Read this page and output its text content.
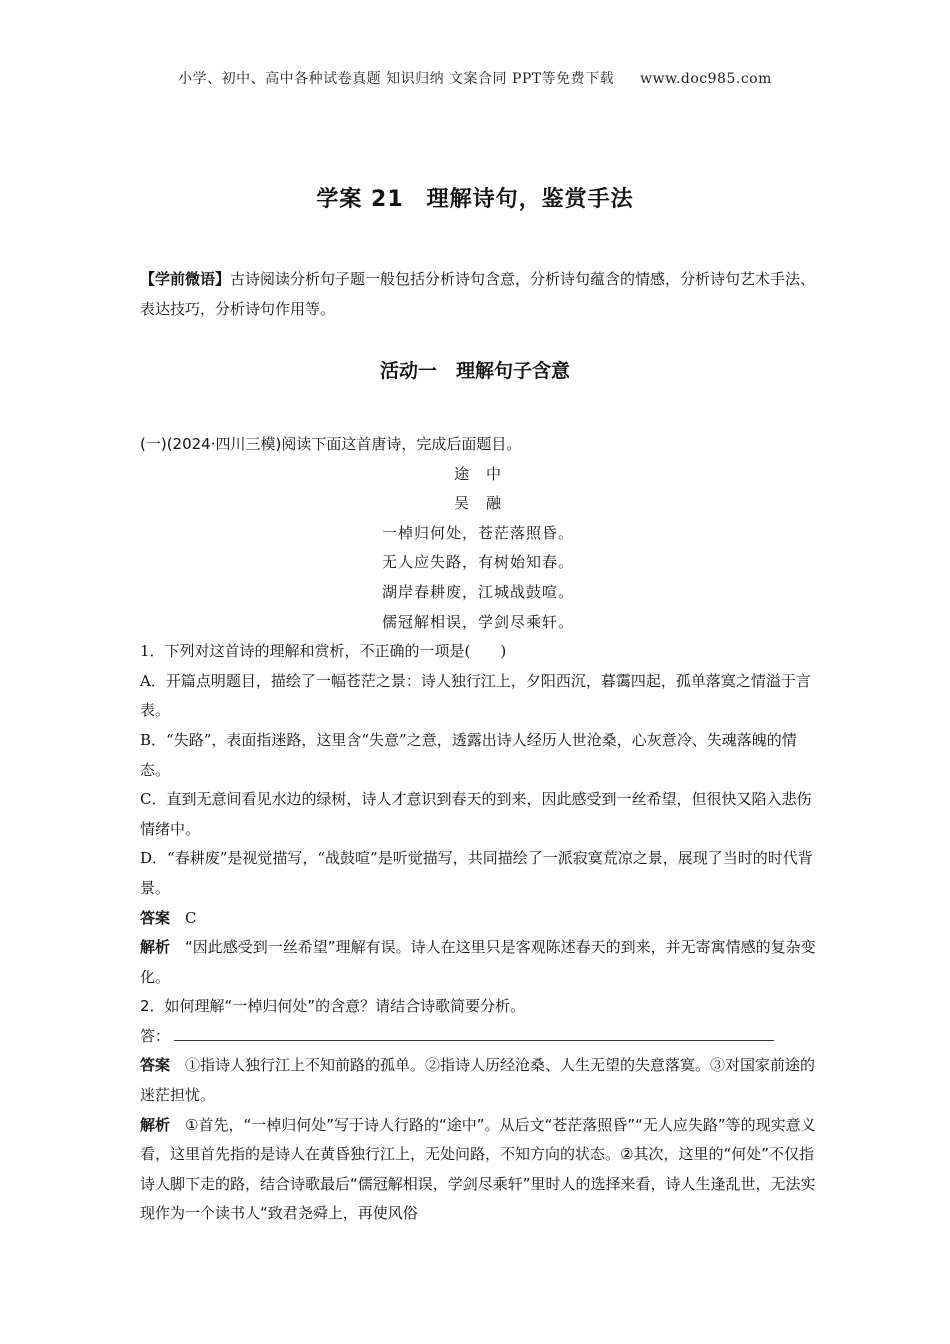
小学、初中、高中各种试卷真题 知识归纳 文案合同 PPT等免费下载 www.doc985.com
学案 21　理解诗句，鉴赏手法
【学前微语】古诗阅读分析句子题一般包括分析诗句含意，分析诗句蕴含的情感，分析诗句艺术手法、表达技巧，分析诗句作用等。
活动一　理解句子含意

(一)(2024·四川三模)阅读下面这首唐诗，完成后面题目。

途　中

吴　融

一棹归何处，苍茫落照昏。

无人应失路，有树始知春。

湖岸春耕废，江城战鼓喧。

儒冠解相误，学剑尽乘轩。

1．下列对这首诗的理解和赏析，不正确的一项是(　　)

A．开篇点明题目，描绘了一幅苍茫之景：诗人独行江上，夕阳西沉，暮霭四起，孤单落寞之情溢于言表。

B．“失路”，表面指迷路，这里含“失意”之意，透露出诗人经历人世沧桑，心灰意冷、失魂落魄的情态。

C．直到无意间看见水边的绿树，诗人才意识到春天的到来，因此感受到一丝希望，但很快又陷入悲伤情绪中。

D．“春耕废”是视觉描写，“战鼓喧”是听觉描写，共同描绘了一派寂寞荒凉之景，展现了当时的时代背景。

答案　 C

解析　 “因此感受到一丝希望”理解有误。诗人在这里只是客观陈述春天的到来，并无寄寓情感的复杂变化。

2．如何理解“一棹归何处”的含意？请结合诗歌简要分析。

答：

答案　 ①指诗人独行江上不知前路的孤单。②指诗人历经沧桑、人生无望的失意落寞。③对国家前途的迷茫担忧。

解析　 ①首先，“一棹归何处”写于诗人行路的“途中”。从后文“苍茫落照昏”“无人应失路”等的现实意义看，这里首先指的是诗人在黄昏独行江上，无处问路，不知方向的状态。②其次，这里的“何处”不仅指诗人脚下走的路，结合诗歌最后“儒冠解相误，学剑尽乘轩”里时人的选择来看，诗人生逢乱世，无法实现作为一个读书人“致君尧舜上，再使风俗
